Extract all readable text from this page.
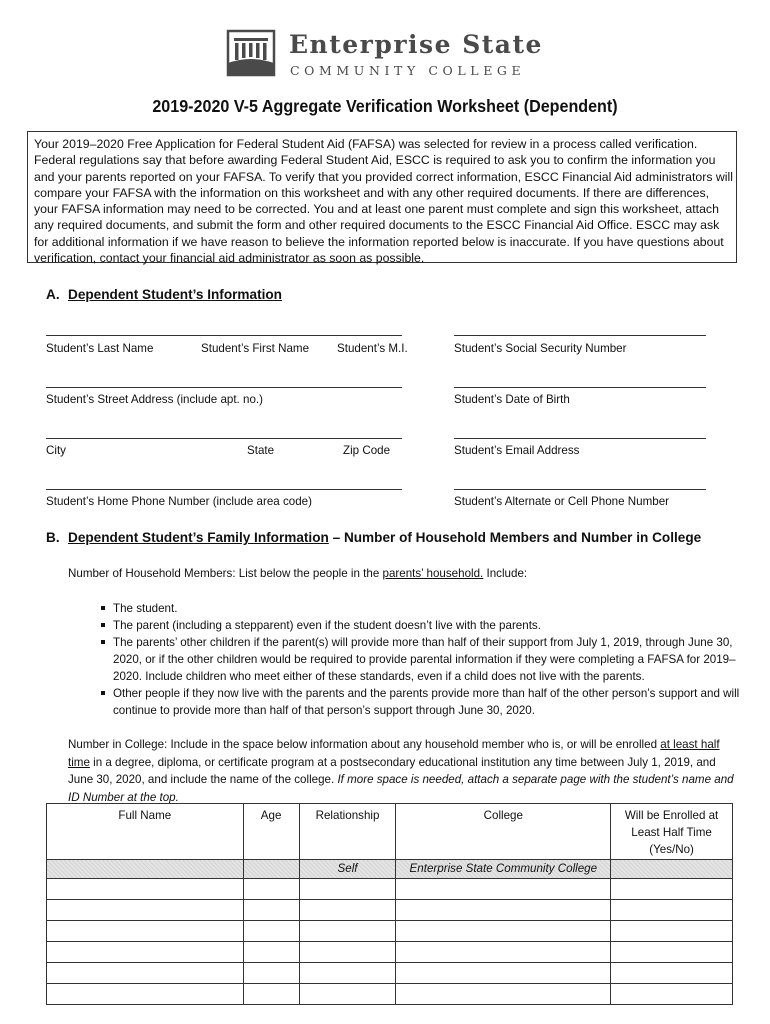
Enterprise State
COMMUNITY COLLEGE
2019-2020 V-5 Aggregate Verification Worksheet (Dependent)
Your 2019–2020 Free Application for Federal Student Aid (FAFSA) was selected for review in a process called verification. Federal regulations say that before awarding Federal Student Aid, ESCC is required to ask you to confirm the information you and your parents reported on your FAFSA. To verify that you provided correct information, ESCC Financial Aid administrators will compare your FAFSA with the information on this worksheet and with any other required documents. If there are differences, your FAFSA information may need to be corrected. You and at least one parent must complete and sign this worksheet, attach any required documents, and submit the form and other required documents to the ESCC Financial Aid Office. ESCC may ask for additional information if we have reason to believe the information reported below is inaccurate. If you have questions about verification, contact your financial aid administrator as soon as possible.
A. Dependent Student’s Information
Student’s Last Name	Student’s First Name Student’s M.I.	Student’s Social Security Number
Student’s Street Address (include apt. no.)	Student’s Date of Birth
City	State	Zip Code	Student’s Email Address
Student’s Home Phone Number (include area code)	Student’s Alternate or Cell Phone Number
B. Dependent Student’s Family Information – Number of Household Members and Number in College
Number of Household Members: List below the people in the parents’ household. Include:
The student.
The parent (including a stepparent) even if the student doesn’t live with the parents.
The parents’ other children if the parent(s) will provide more than half of their support from July 1, 2019, through June 30, 2020, or if the other children would be required to provide parental information if they were completing a FAFSA for 2019–2020. Include children who meet either of these standards, even if a child does not live with the parents.
Other people if they now live with the parents and the parents provide more than half of the other person’s support and will continue to provide more than half of that person’s support through June 30, 2020.
Number in College: Include in the space below information about any household member who is, or will be enrolled at least half time in a degree, diploma, or certificate program at a postsecondary educational institution any time between July 1, 2019, and June 30, 2020, and include the name of the college. If more space is needed, attach a separate page with the student’s name and ID Number at the top.
Full Name	Age	Relationship	College	Will be Enrolled at Least Half Time (Yes/No)
		Self	Enterprise State Community College	
